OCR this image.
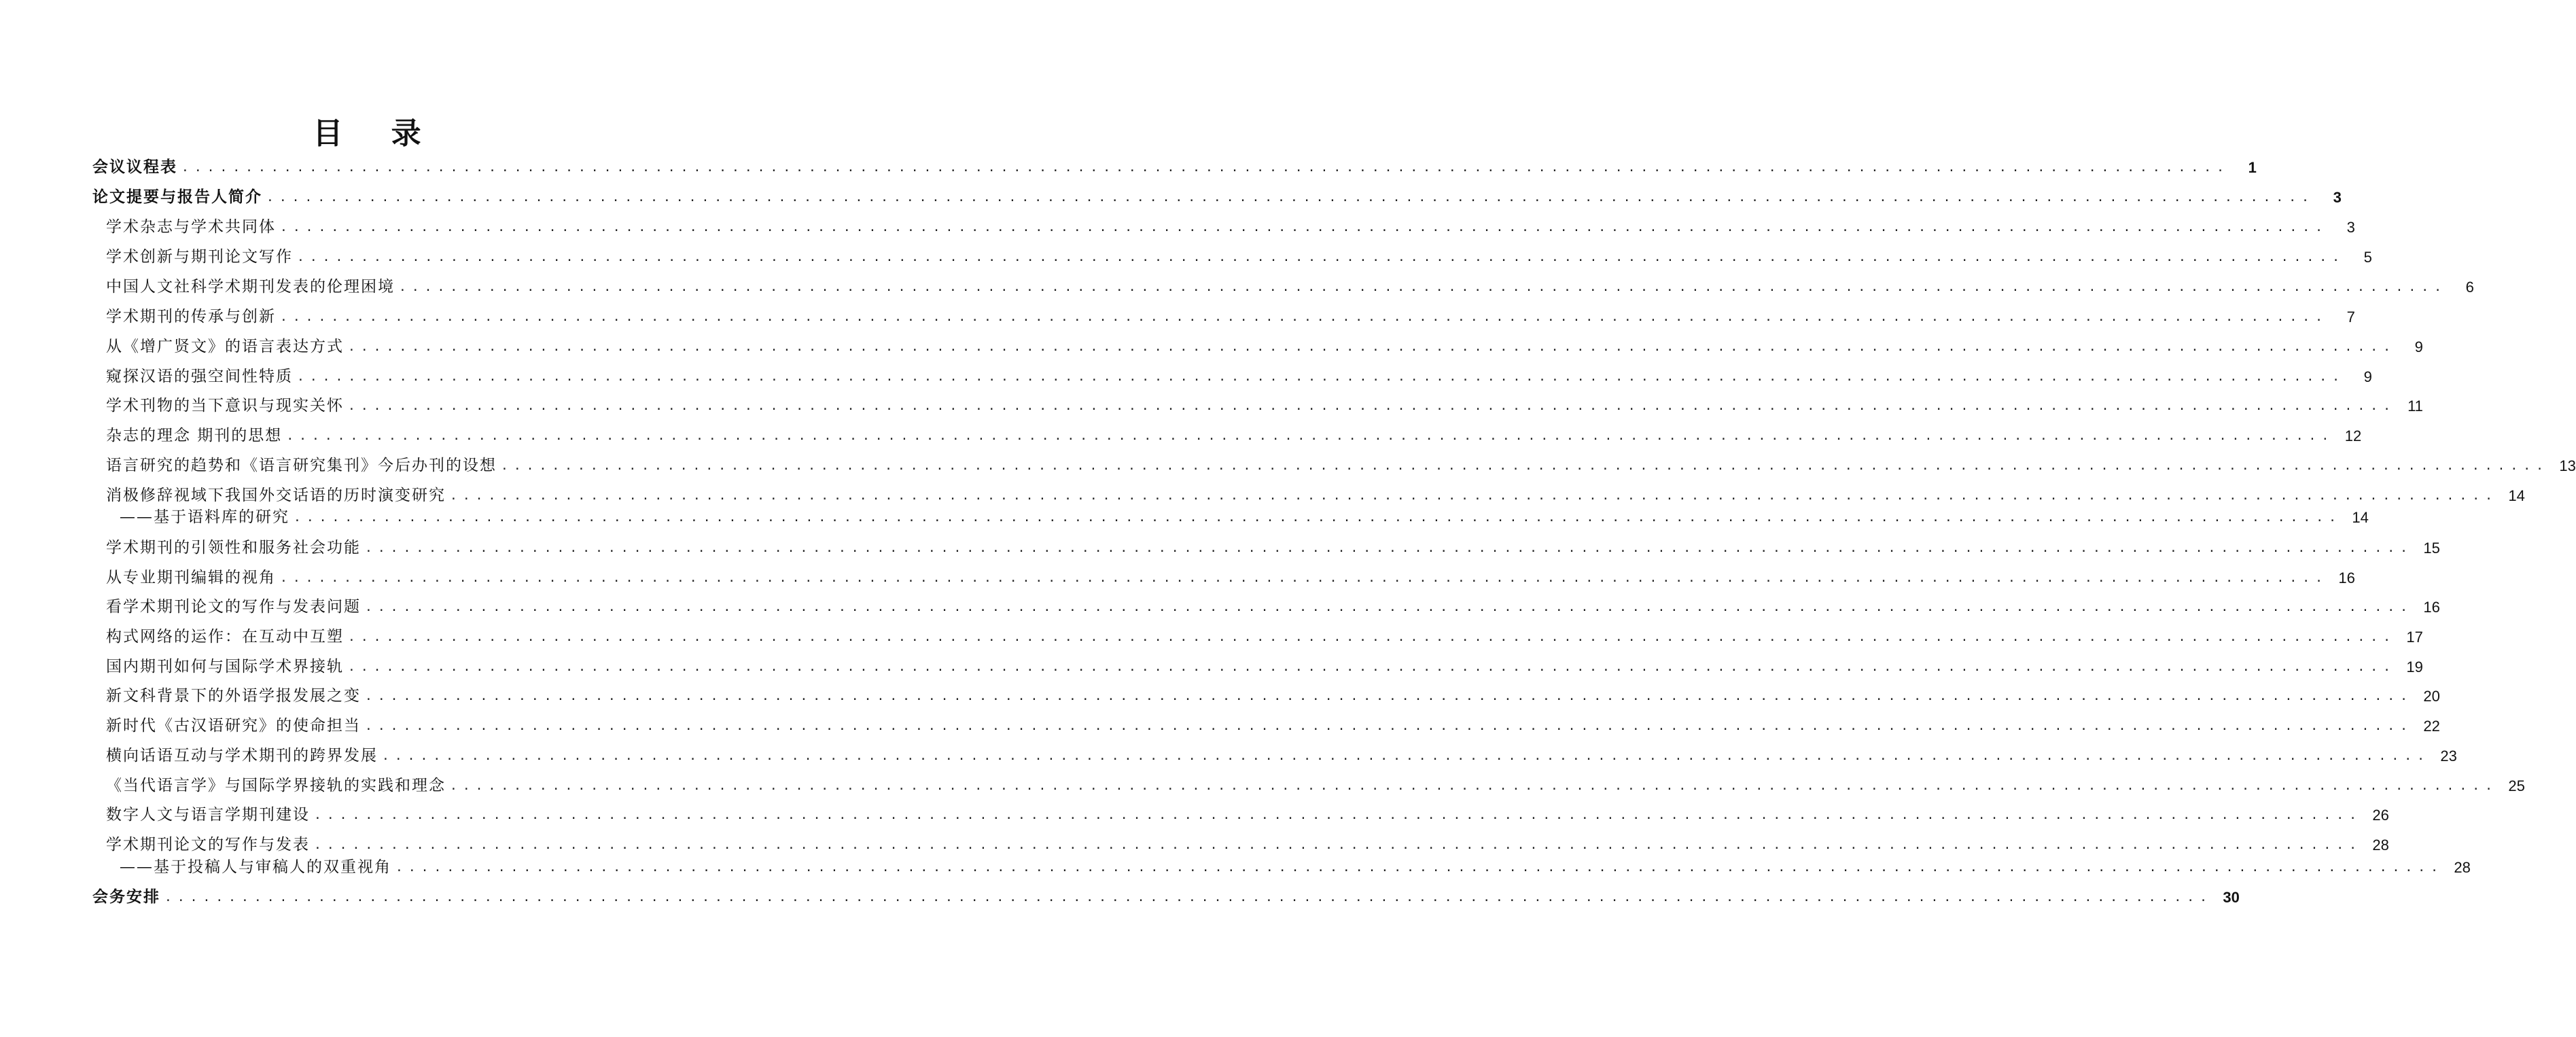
目 录
会议议程表 ................................................................................................................................................................	1
论文提要与报告人简介 ................................................................................................................................................................	3
学术杂志与学术共同体 ................................................................................................................................................................	3
学术创新与期刊论文写作 ................................................................................................................................................................	5
中国人文社科学术期刊发表的伦理困境 ................................................................................................................................................................	6
学术期刊的传承与创新 ................................................................................................................................................................	7
从《增广贤文》的语言表达方式 ................................................................................................................................................................	9
窥探汉语的强空间性特质 ................................................................................................................................................................	9
学术刊物的当下意识与现实关怀 ................................................................................................................................................................ 11
杂志的理念 期刊的思想 ................................................................................................................................................................ 12
语言研究的趋势和《语言研究集刊》今后办刊的设想 ................................................................................................................................................................ 13
消极修辞视域下我国外交话语的历时演变研究 ................................................................................................................................................................ 14
——基于语料库的研究 ................................................................................................................................................................ 14
学术期刊的引领性和服务社会功能 ................................................................................................................................................................ 15
从专业期刊编辑的视角 ................................................................................................................................................................ 16
看学术期刊论文的写作与发表问题 ................................................................................................................................................................ 16
构式网络的运作：在互动中互塑 ................................................................................................................................................................ 17
国内期刊如何与国际学术界接轨 ................................................................................................................................................................ 19
新文科背景下的外语学报发展之变 ................................................................................................................................................................ 20
新时代《古汉语研究》的使命担当 ................................................................................................................................................................ 22
横向话语互动与学术期刊的跨界发展 ................................................................................................................................................................ 23
《当代语言学》与国际学界接轨的实践和理念 ................................................................................................................................................................ 25
数字人文与语言学期刊建设 ................................................................................................................................................................ 26
学术期刊论文的写作与发表 ................................................................................................................................................................ 28
——基于投稿人与审稿人的双重视角 ................................................................................................................................................................ 28
会务安排 ................................................................................................................................................................ 30
